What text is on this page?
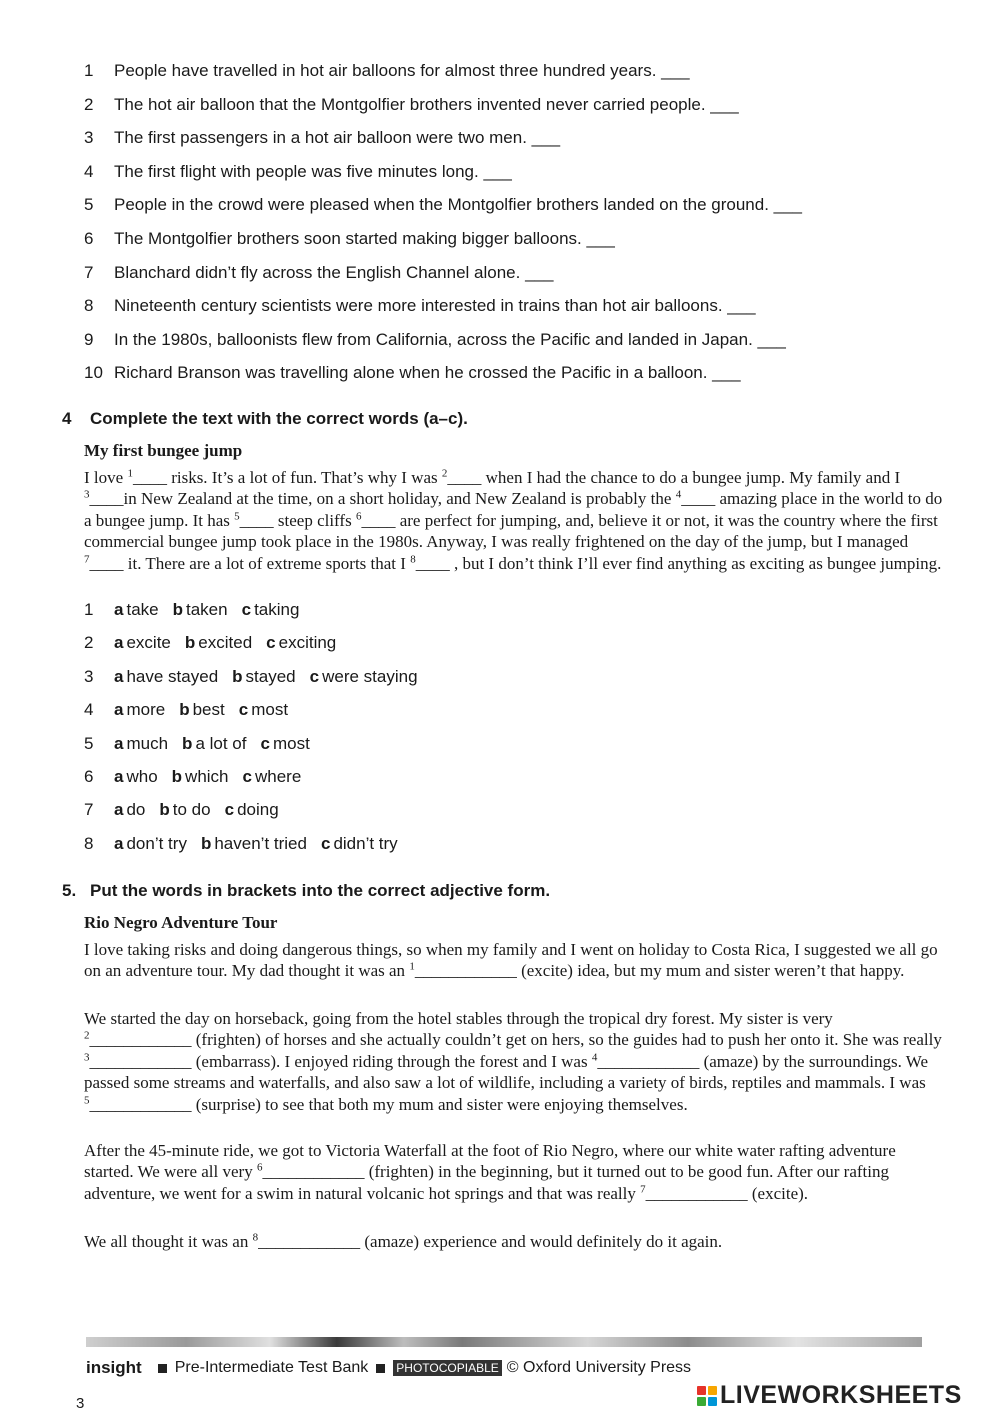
1 People have travelled in hot air balloons for almost three hundred years. ___
2 The hot air balloon that the Montgolfier brothers invented never carried people. ___
3 The first passengers in a hot air balloon were two men. ___
4 The first flight with people was five minutes long. ___
5 People in the crowd were pleased when the Montgolfier brothers landed on the ground. ___
6 The Montgolfier brothers soon started making bigger balloons. ___
7 Blanchard didn’t fly across the English Channel alone. ___
8 Nineteenth century scientists were more interested in trains than hot air balloons. ___
9 In the 1980s, balloonists flew from California, across the Pacific and landed in Japan. ___
10 Richard Branson was travelling alone when he crossed the Pacific in a balloon. ___
4 Complete the text with the correct words (a–c).
My first bungee jump

I love $^1$____ risks. It’s a lot of fun. That’s why I was $^2$____ when I had the chance to do a bungee jump. My family and I $^3$____in New Zealand at the time, on a short holiday, and New Zealand is probably the $^4$____ amazing place in the world to do a bungee jump. It has $^5$____ steep cliffs $^6$____ are perfect for jumping, and, believe it or not, it was the country where the first commercial bungee jump took place in the 1980s. Anyway, I was really frightened on the day of the jump, but I managed $^7$____ it. There are a lot of extreme sports that I $^8$____ , but I don’t think I’ll ever find anything as exciting as bungee jumping.

1 a take b taken c taking
2 a excite b excited c exciting
3 a have stayed b stayed c were staying
4 a more b best c most
5 a much b a lot of c most
6 a who b which c where
7 a do b to do c doing
8 a don’t try b haven’t tried c didn’t try
5. Put the words in brackets into the correct adjective form.
Rio Negro Adventure Tour

I love taking risks and doing dangerous things, so when my family and I went on holiday to Costa Rica, I suggested we all go on an adventure tour. My dad thought it was an $^1$____________ (excite) idea, but my mum and sister weren’t that happy.

We started the day on horseback, going from the hotel stables through the tropical dry forest. My sister is very $^2$____________ (frighten) of horses and she actually couldn’t get on hers, so the guides had to push her onto it. She was really $^3$____________ (embarrass). I enjoyed riding through the forest and I was $^4$____________ (amaze) by the surroundings. We passed some streams and waterfalls, and also saw a lot of wildlife, including a variety of birds, reptiles and mammals. I was $^5$____________ (surprise) to see that both my mum and sister were enjoying themselves.

After the 45-minute ride, we got to Victoria Waterfall at the foot of Rio Negro, where our white water rafting adventure started. We were all very $^6$____________ (frighten) in the beginning, but it turned out to be good fun. After our rafting adventure, we went for a swim in natural volcanic hot springs and that was really $^7$____________ (excite).

We all thought it was an $^8$____________ (amaze) experience and would definitely do it again.

insight Pre-Intermediate Test Bank PHOTOCOPIABLE © Oxford University Press
3	LIVEWORKSHEETS
